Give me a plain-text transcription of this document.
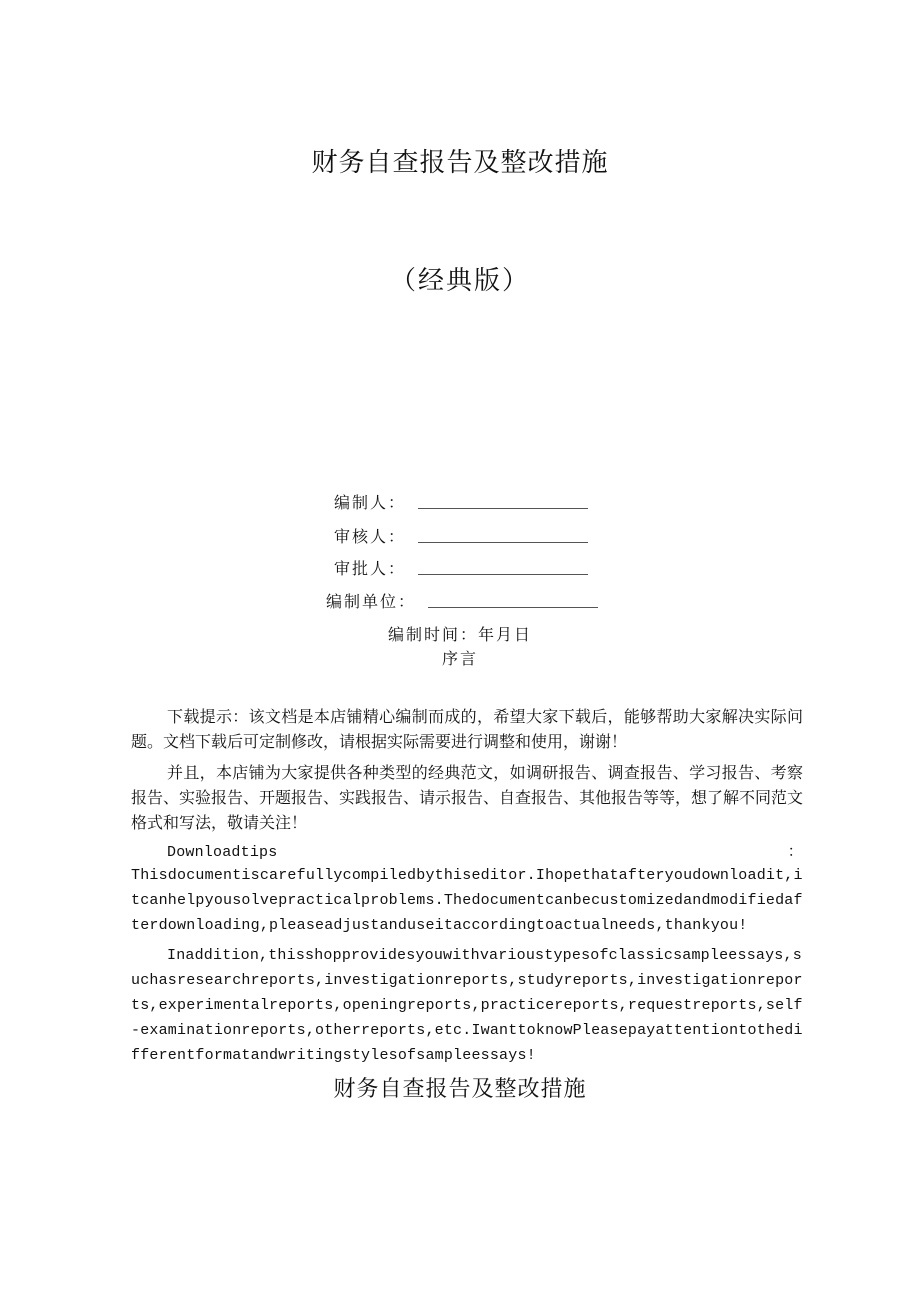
财务自查报告及整改措施
（经典版）
编制人：
审核人：
审批人：
编制单位：
编制时间：年月日
序言
下载提示：该文档是本店铺精心编制而成的，希望大家下载后，能够帮助大家解决实际问题。文档下载后可定制修改，请根据实际需要进行调整和使用，谢谢！
并且，本店铺为大家提供各种类型的经典范文，如调研报告、调查报告、学习报告、考察报告、实验报告、开题报告、实践报告、请示报告、自查报告、其他报告等等，想了解不同范文格式和写法，敬请关注！
Downloadtips	：
Thisdocumentiscarefullycompiledbythiseditor.Ihopethatafteryoudownloadit,itcanhelpyousolvepracticalproblems.Thedocumentcanbecustomizedandmodifiedafterdownloading,pleaseadjustanduseitaccordingtoactualneeds,thankyou!
Inaddition,thisshopprovidesyouwithvarioustypesofclassicsampleessays,suchasresearchreports,investigationreports,studyreports,investigationreports,experimentalreports,openingreports,practicereports,requestreports,self-examinationreports,otherreports,etc.IwanttoknowPleasepayattentiontothedifferentformatandwritingstylesofsampleessays!
财务自查报告及整改措施
